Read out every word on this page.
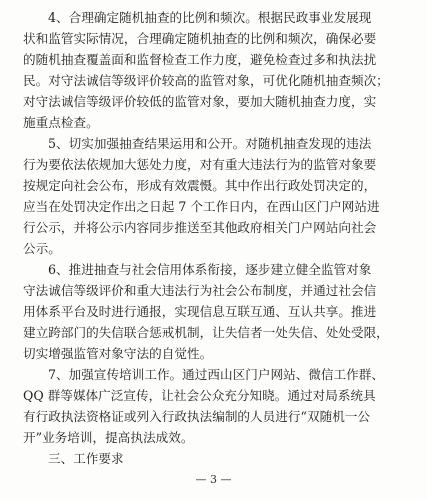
4、合理确定随机抽查的比例和频次。根据民政事业发展现
状和监管实际情况，合理确定随机抽查的比例和频次，确保必要
的随机抽查覆盖面和监督检查工作力度，避免检查过多和执法扰
民。对守法诚信等级评价较高的监管对象，可优化随机抽查频次；
对守法诚信等级评价较低的监管对象，要加大随机抽查力度，实
施重点检查。
5、切实加强抽查结果运用和公开。对随机抽查发现的违法
行为要依法依规加大惩处力度，对有重大违法行为的监管对象要
按规定向社会公布，形成有效震慑。其中作出行政处罚决定的，
应当在处罚决定作出之日起 7 个工作日内，在西山区门户网站进
行公示，并将公示内容同步推送至其他政府相关门户网站向社会
公示。
6、推进抽查与社会信用体系衔接，逐步建立健全监管对象
守法诚信等级评价和重大违法行为社会公布制度，并通过社会信
用体系平台及时进行通报，实现信息互联互通、互认共享。推进
建立跨部门的失信联合惩戒机制，让失信者一处失信、处处受限，
切实增强监管对象守法的自觉性。
7、加强宣传培训工作。通过西山区门户网站、微信工作群、
QQ 群等媒体广泛宣传，让社会公众充分知晓。通过对局系统具
有行政执法资格证或列入行政执法编制的人员进行“双随机一公
开”业务培训，提高执法成效。
三、工作要求
— 3 —
